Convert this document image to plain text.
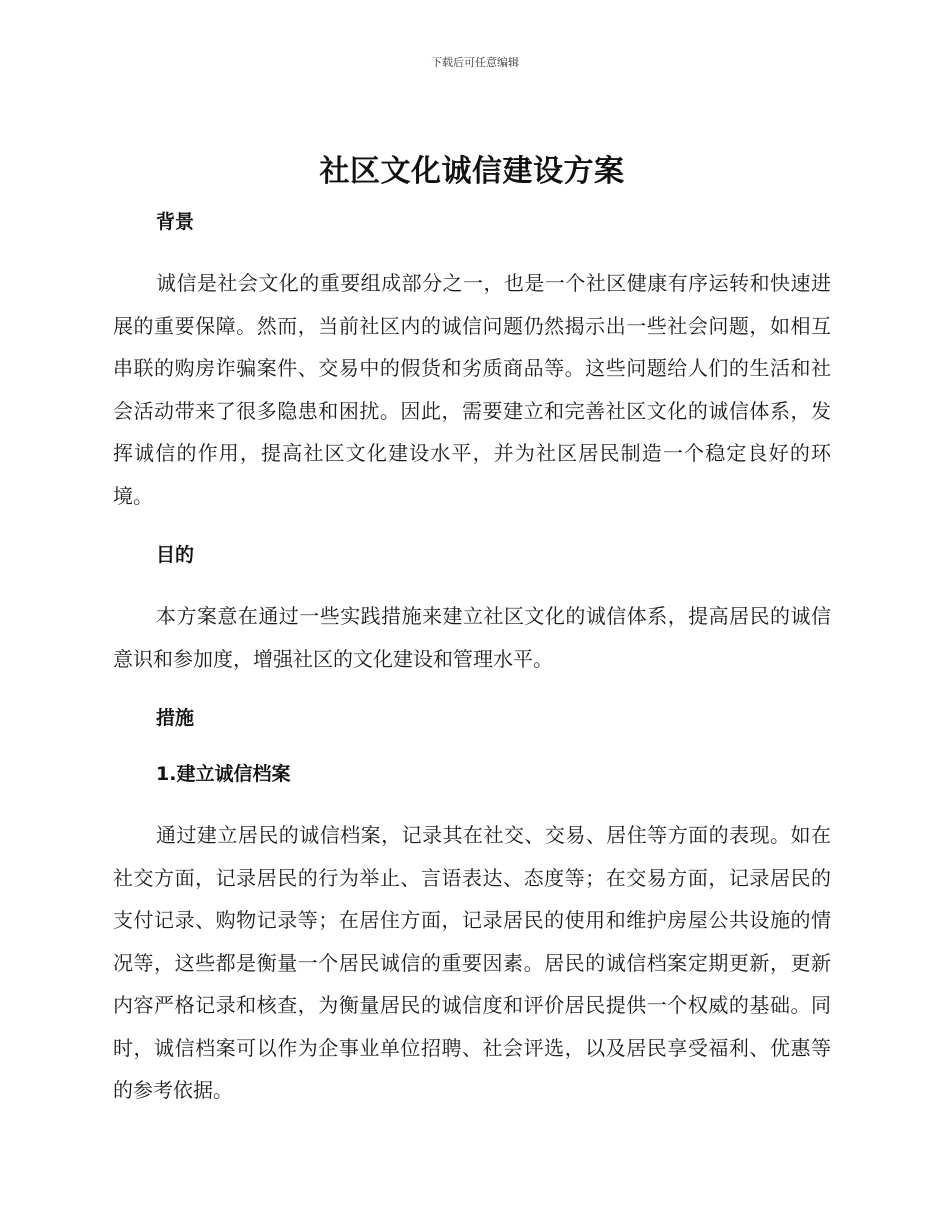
下载后可任意编辑
社区文化诚信建设方案
背景

诚信是社会文化的重要组成部分之一，也是一个社区健康有序运转和快速进展的重要保障。然而，当前社区内的诚信问题仍然揭示出一些社会问题，如相互串联的购房诈骗案件、交易中的假货和劣质商品等。这些问题给人们的生活和社会活动带来了很多隐患和困扰。因此，需要建立和完善社区文化的诚信体系，发挥诚信的作用，提高社区文化建设水平，并为社区居民制造一个稳定良好的环境。

目的

本方案意在通过一些实践措施来建立社区文化的诚信体系，提高居民的诚信意识和参加度，增强社区的文化建设和管理水平。

措施
1.建立诚信档案

通过建立居民的诚信档案，记录其在社交、交易、居住等方面的表现。如在社交方面，记录居民的行为举止、言语表达、态度等；在交易方面，记录居民的支付记录、购物记录等；在居住方面，记录居民的使用和维护房屋公共设施的情况等，这些都是衡量一个居民诚信的重要因素。居民的诚信档案定期更新，更新内容严格记录和核查，为衡量居民的诚信度和评价居民提供一个权威的基础。同时，诚信档案可以作为企事业单位招聘、社会评选，以及居民享受福利、优惠等的参考依据。
